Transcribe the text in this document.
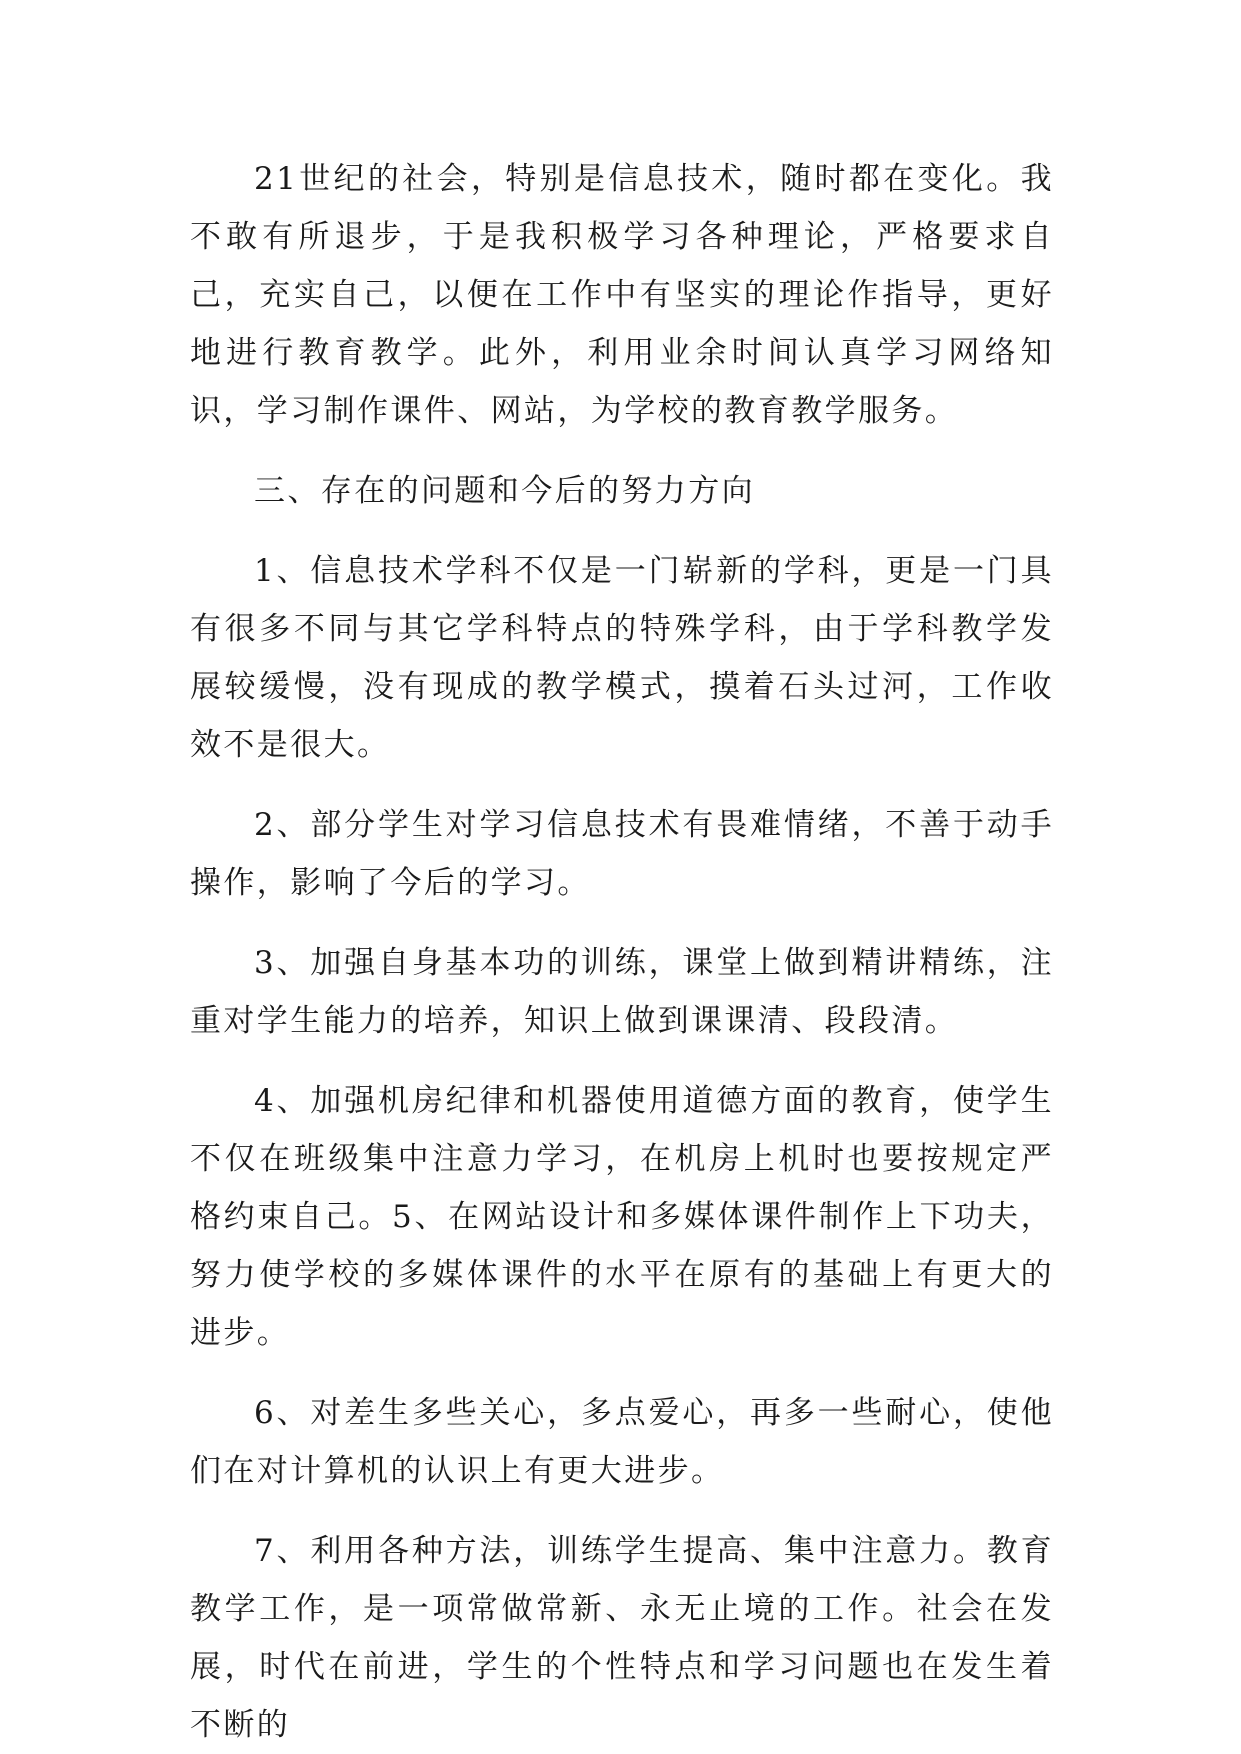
21世纪的社会，特别是信息技术，随时都在变化。我不敢有所退步，于是我积极学习各种理论，严格要求自己，充实自己，以便在工作中有坚实的理论作指导，更好地进行教育教学。此外，利用业余时间认真学习网络知识，学习制作课件、网站，为学校的教育教学服务。

三、存在的问题和今后的努力方向

1、信息技术学科不仅是一门崭新的学科，更是一门具有很多不同与其它学科特点的特殊学科，由于学科教学发展较缓慢，没有现成的教学模式，摸着石头过河，工作收效不是很大。

2、部分学生对学习信息技术有畏难情绪，不善于动手操作，影响了今后的学习。

3、加强自身基本功的训练，课堂上做到精讲精练，注重对学生能力的培养，知识上做到课课清、段段清。

4、加强机房纪律和机器使用道德方面的教育，使学生不仅在班级集中注意力学习，在机房上机时也要按规定严格约束自己。5、在网站设计和多媒体课件制作上下功夫，努力使学校的多媒体课件的水平在原有的基础上有更大的进步。

6、对差生多些关心，多点爱心，再多一些耐心，使他们在对计算机的认识上有更大进步。

7、利用各种方法，训练学生提高、集中注意力。教育教学工作，是一项常做常新、永无止境的工作。社会在发展，时代在前进，学生的个性特点和学习问题也在发生着不断的
